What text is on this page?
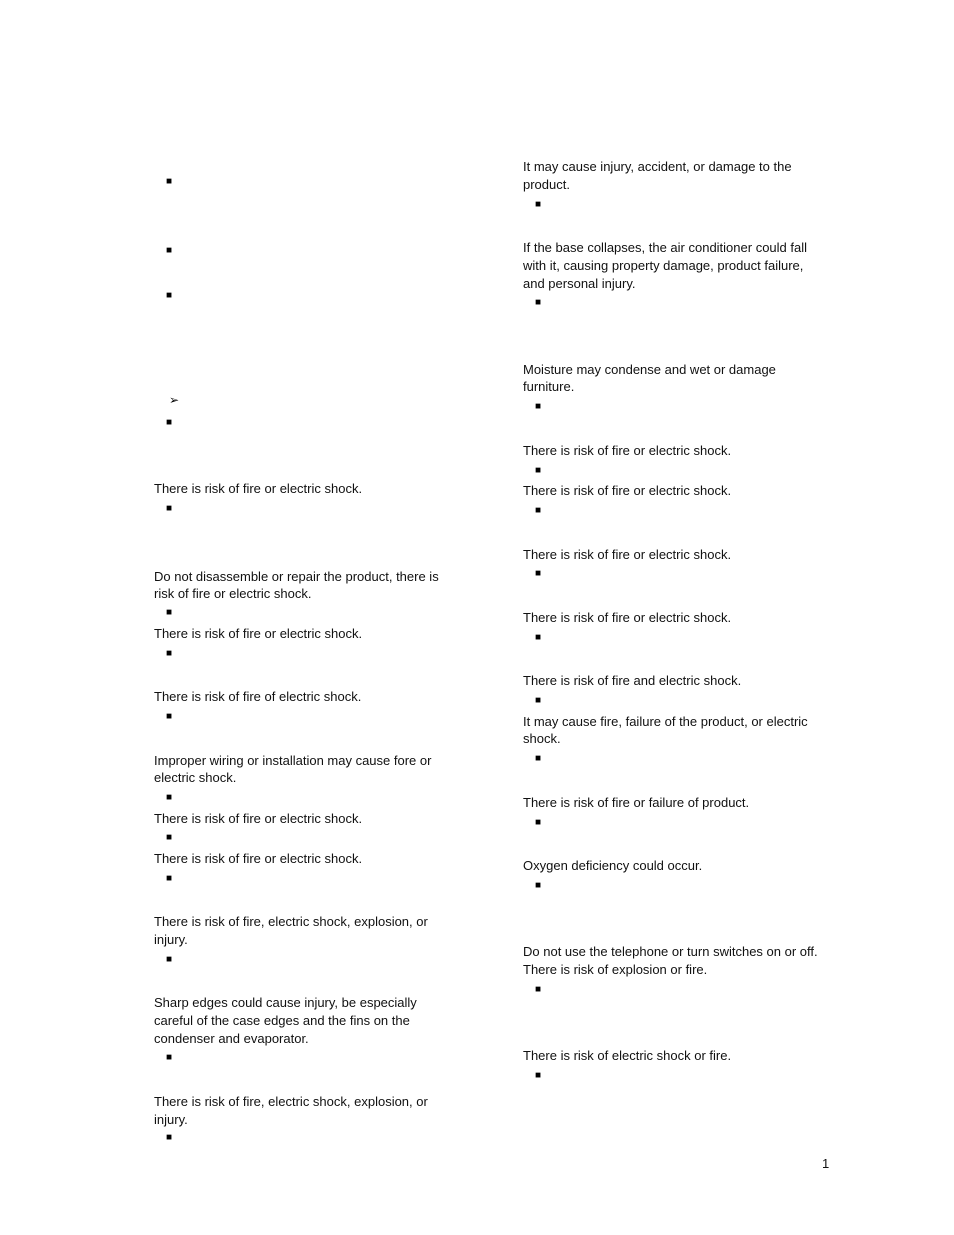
■
■
■
➢
■
■
■
■
■
■
■
■
■
■
■

There is risk of fire or electric shock.

Do not disassemble or repair the product, there is

risk of fire or electric shock.

There is risk of fire or electric shock.

There is risk of fire of electric shock.

Improper wiring or installation may cause fore or

electric shock.

There is risk of fire or electric shock.

There is risk of fire or electric shock.

There is risk of fire, electric shock, explosion, or

injury.

Sharp edges could cause injury, be especially

careful of the case edges and the fins on the

condenser and evaporator.

There is risk of fire, electric shock, explosion, or

injury.

It may cause injury, accident, or damage to the

product.

If the base collapses, the air conditioner could fall

with it, causing property damage, product failure,

and personal injury.

Moisture may condense and wet or damage

furniture.

There is risk of fire or electric shock.

There is risk of fire or electric shock.

There is risk of fire or electric shock.

There is risk of fire or electric shock.

There is risk of fire and electric shock.

It may cause fire, failure of the product, or electric

shock.

There is risk of fire or failure of product.

Oxygen deficiency could occur.

Do not use the telephone or turn switches on or off.

There is risk of explosion or fire.

There is risk of electric shock or fire.

■
■
■
■
■
■
■
■
■
■
■
■
■
1
